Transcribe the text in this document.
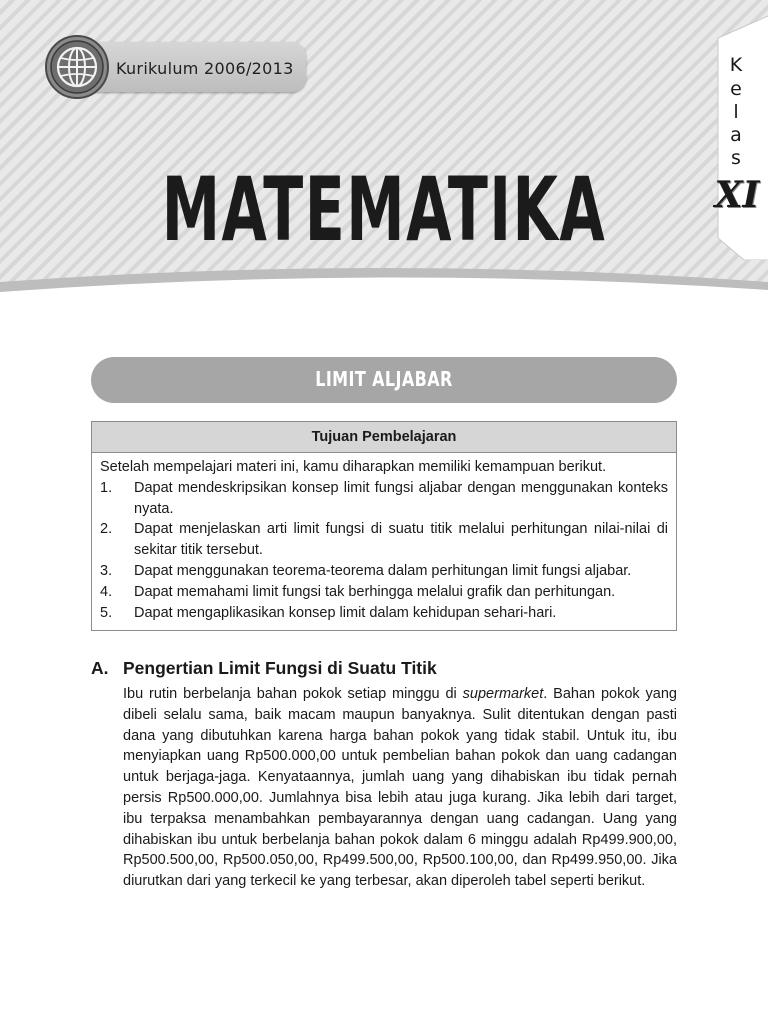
Kurikulum 2006/2013
MATEMATIKA
K
e
l
a
s
XI
LIMIT ALJABAR
Tujuan Pembelajaran
Setelah mempelajari materi ini, kamu diharapkan memiliki kemampuan berikut.
1.	Dapat mendeskripsikan konsep limit fungsi aljabar dengan menggunakan konteks nyata.
2.	Dapat menjelaskan arti limit fungsi di suatu titik melalui perhitungan nilai-nilai di sekitar titik tersebut.
3.	Dapat menggunakan teorema-teorema dalam perhitungan limit fungsi aljabar.
4.	Dapat memahami limit fungsi tak berhingga melalui grafik dan perhitungan.
5.	Dapat mengaplikasikan konsep limit dalam kehidupan sehari-hari.
A. Pengertian Limit Fungsi di Suatu Titik
Ibu rutin berbelanja bahan pokok setiap minggu di supermarket. Bahan pokok yang dibeli selalu sama, baik macam maupun banyaknya. Sulit ditentukan dengan pasti dana yang dibutuhkan karena harga bahan pokok yang tidak stabil. Untuk itu, ibu menyiapkan uang Rp500.000,00 untuk pembelian bahan pokok dan uang cadangan untuk berjaga-jaga. Kenyataannya, jumlah uang yang dihabiskan ibu tidak pernah persis Rp500.000,00. Jumlahnya bisa lebih atau juga kurang. Jika lebih dari target, ibu terpaksa menambahkan pembayarannya dengan uang cadangan. Uang yang dihabiskan ibu untuk berbelanja bahan pokok dalam 6 minggu adalah Rp499.900,00, Rp500.500,00, Rp500.050,00, Rp499.500,00, Rp500.100,00, dan Rp499.950,00. Jika diurutkan dari yang terkecil ke yang terbesar, akan diperoleh tabel seperti berikut.
